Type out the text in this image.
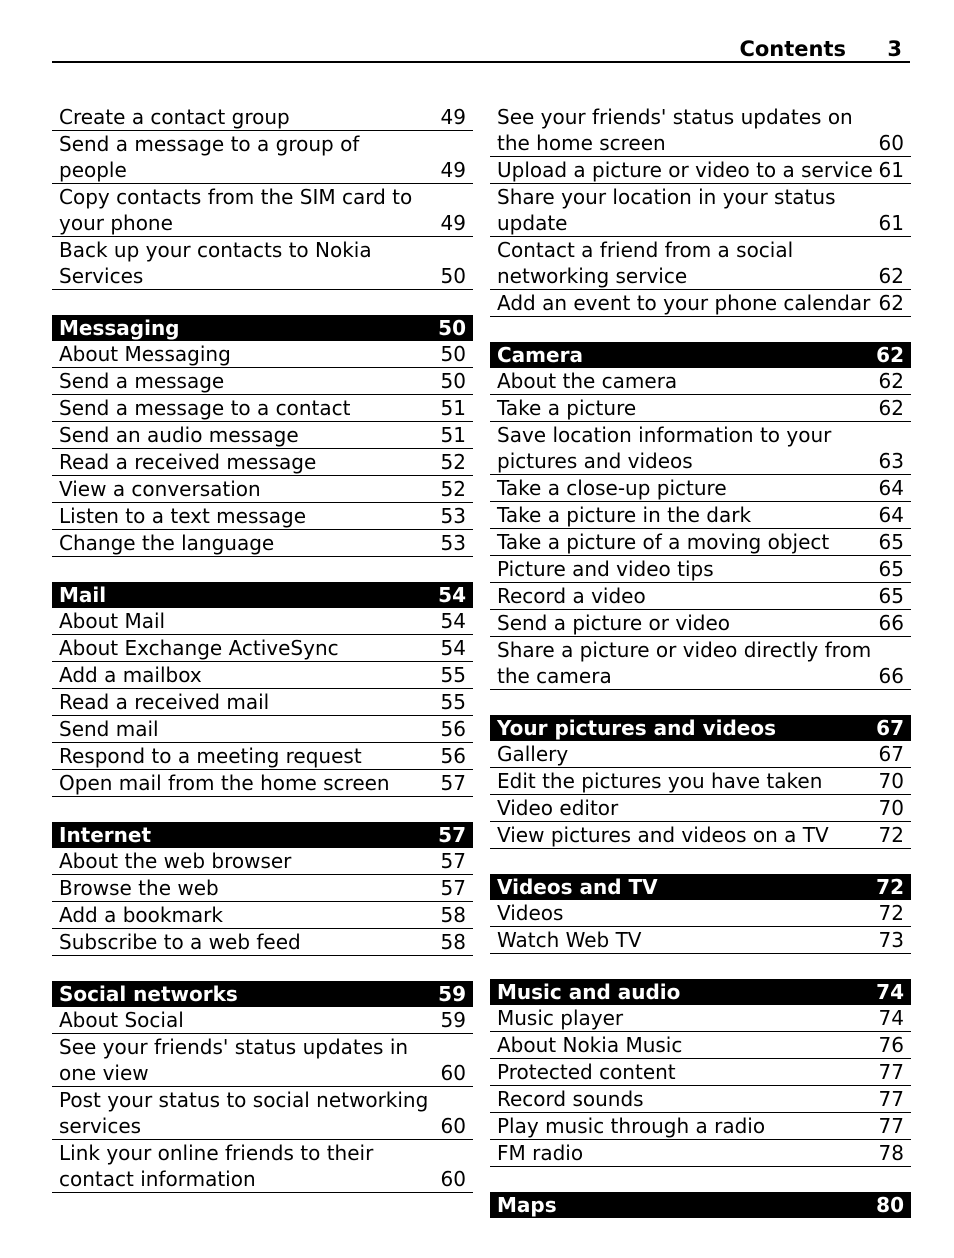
Contents 3
Create a contact group	49
Send a message to a group of
people	49
Copy contacts from the SIM card to
your phone	49
Back up your contacts to Nokia
Services	50
Messaging	50
About Messaging	50
Send a message	50
Send a message to a contact	51
Send an audio message	51
Read a received message	52
View a conversation	52
Listen to a text message	53
Change the language	53
Mail	54
About Mail	54
About Exchange ActiveSync	54
Add a mailbox	55
Read a received mail	55
Send mail	56
Respond to a meeting request	56
Open mail from the home screen	57
Internet	57
About the web browser	57
Browse the web	57
Add a bookmark	58
Subscribe to a web feed	58
Social networks	59
About Social	59
See your friends' status updates in
one view	60
Post your status to social networking
services	60
Link your online friends to their
contact information	60
See your friends' status updates on
the home screen	60
Upload a picture or video to a service 61
Share your location in your status
update	61
Contact a friend from a social
networking service	62
Add an event to your phone calendar 62
Camera	62
About the camera	62
Take a picture	62
Save location information to your
pictures and videos	63
Take a close-up picture	64
Take a picture in the dark	64
Take a picture of a moving object	65
Picture and video tips	65
Record a video	65
Send a picture or video	66
Share a picture or video directly from
the camera	66
Your pictures and videos	67
Gallery	67
Edit the pictures you have taken	70
Video editor	70
View pictures and videos on a TV	72
Videos and TV	72
Videos	72
Watch Web TV	73
Music and audio	74
Music player	74
About Nokia Music	76
Protected content	77
Record sounds	77
Play music through a radio	77
FM radio	78
Maps	80
